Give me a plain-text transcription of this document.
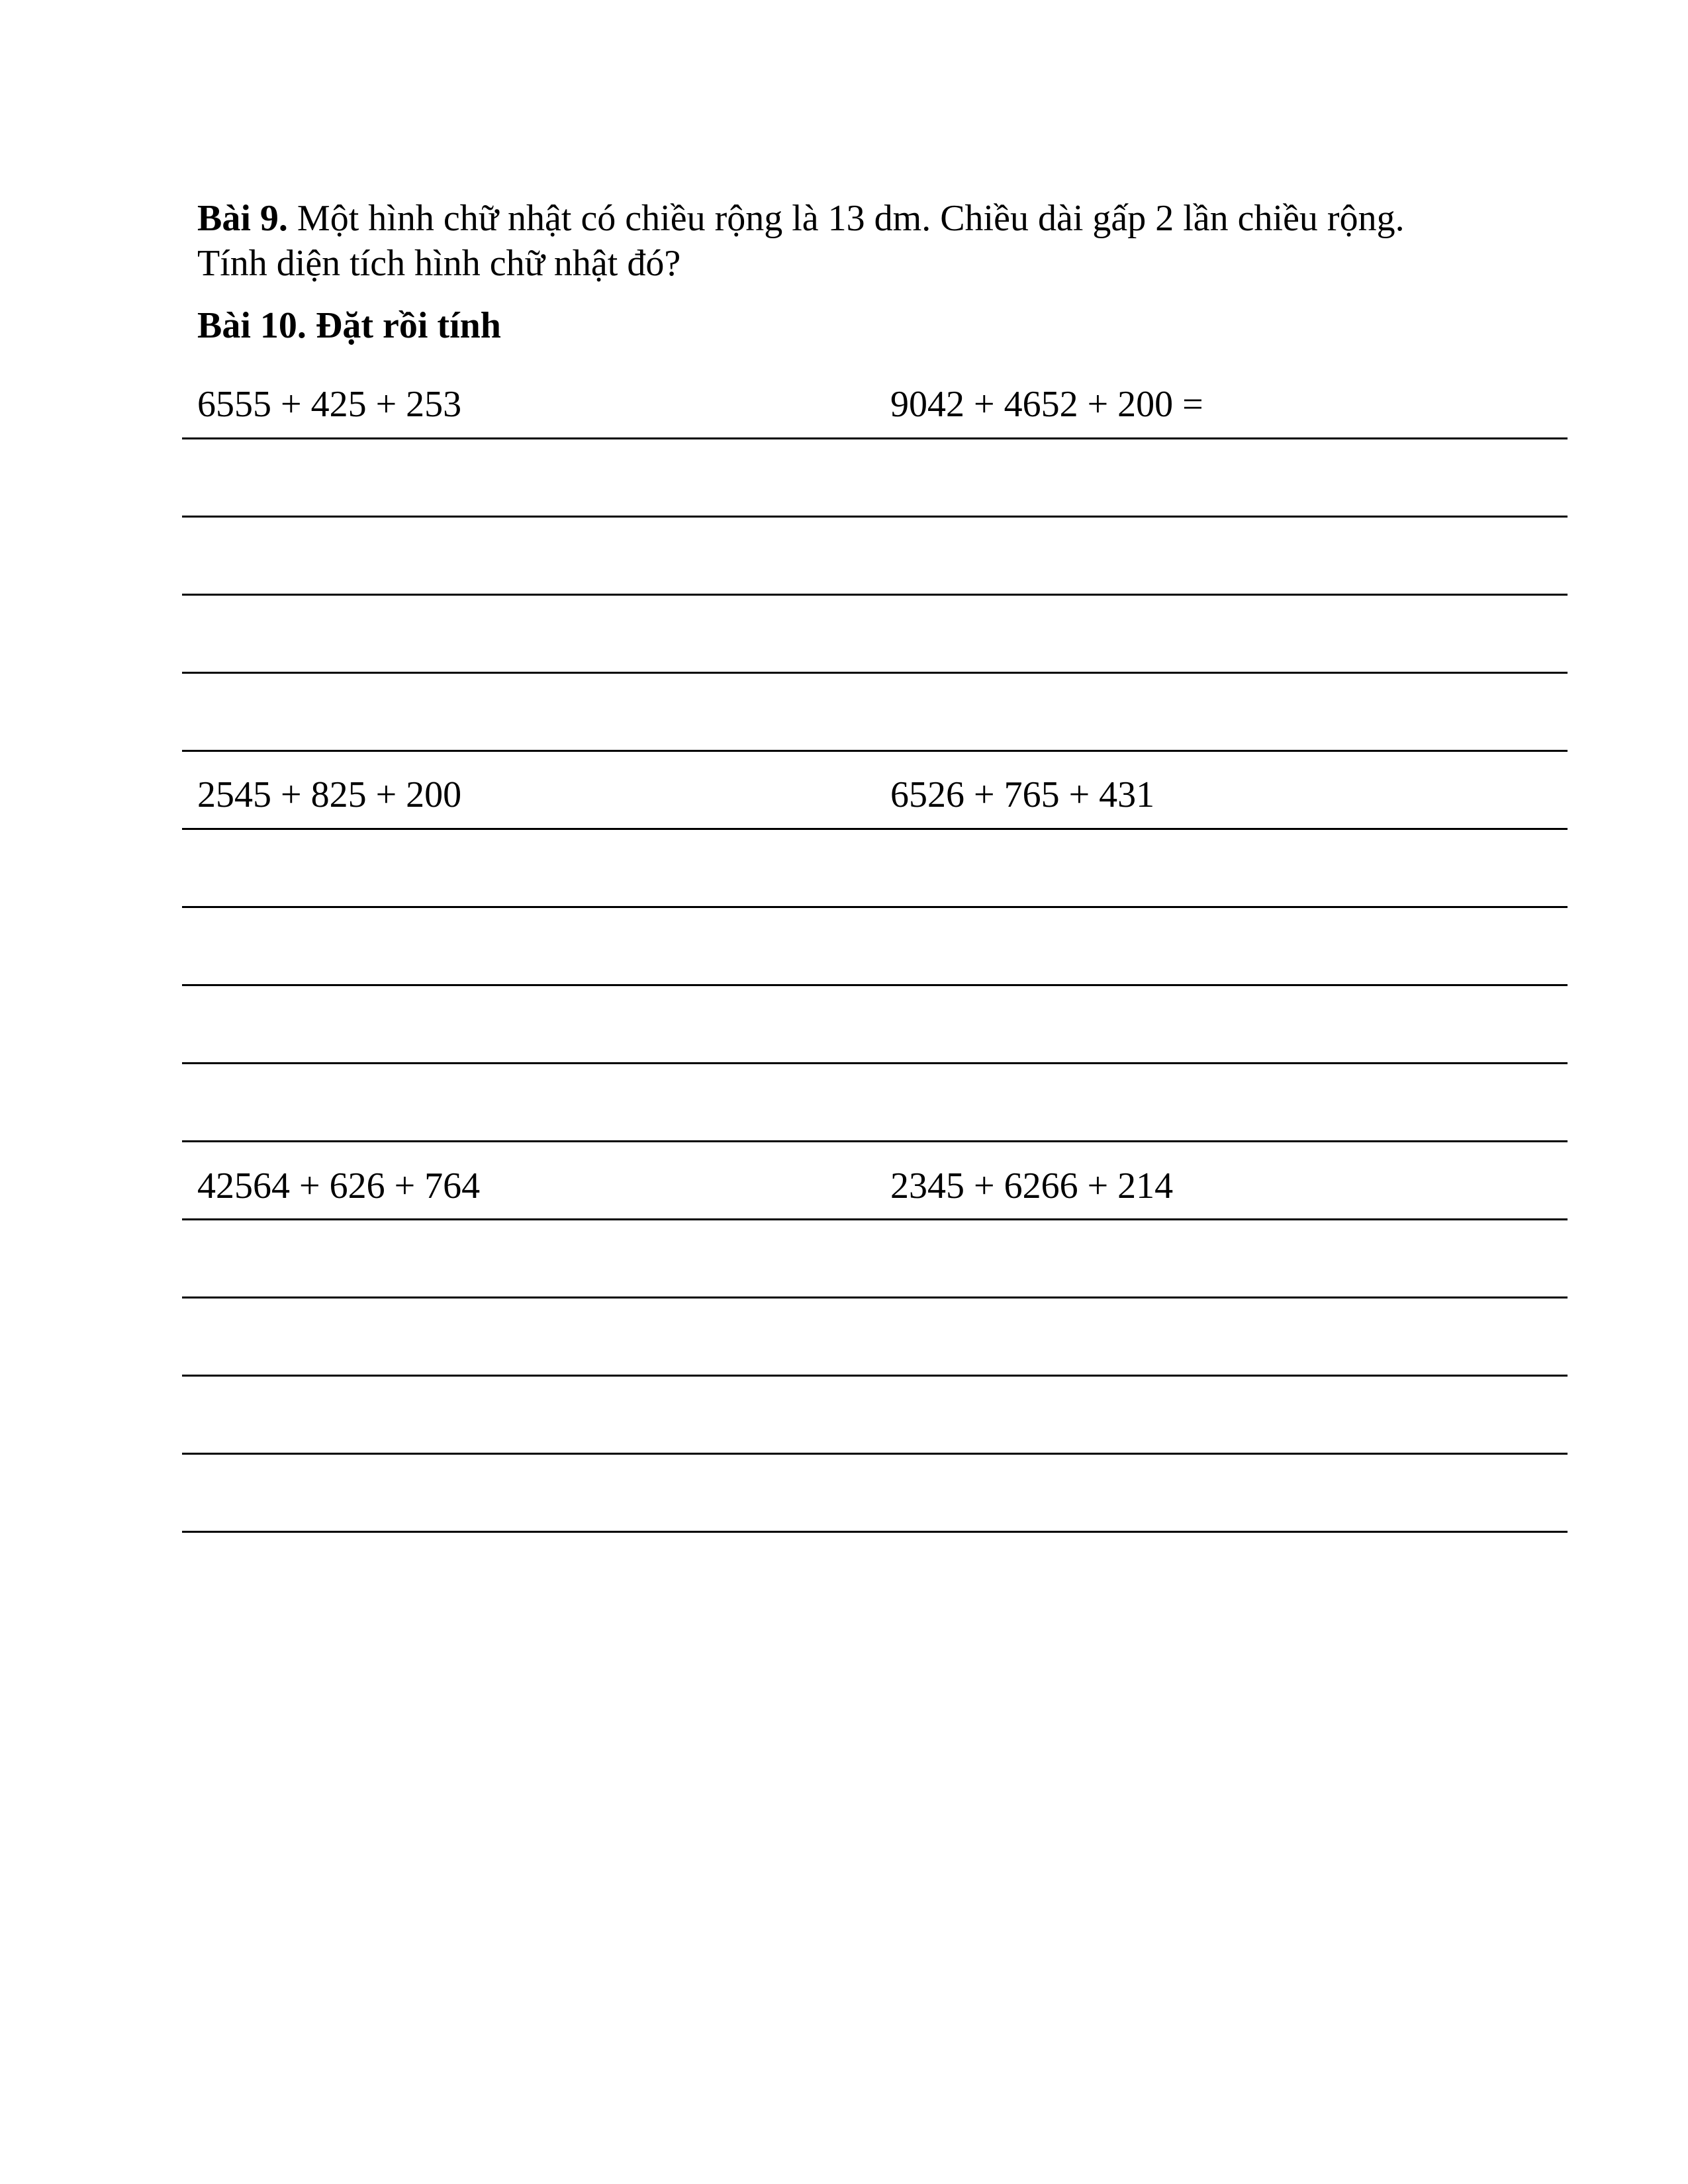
Bài 9. Một hình chữ nhật có chiều rộng là 13 dm. Chiều dài gấp 2 lần chiều rộng.
Tính diện tích hình chữ nhật đó?
Bài 10. Đặt rồi tính
6555 + 425 + 253	9042 + 4652 + 200 =
2545 + 825 + 200	6526 + 765 + 431
42564 + 626 + 764	2345 + 6266 + 214
